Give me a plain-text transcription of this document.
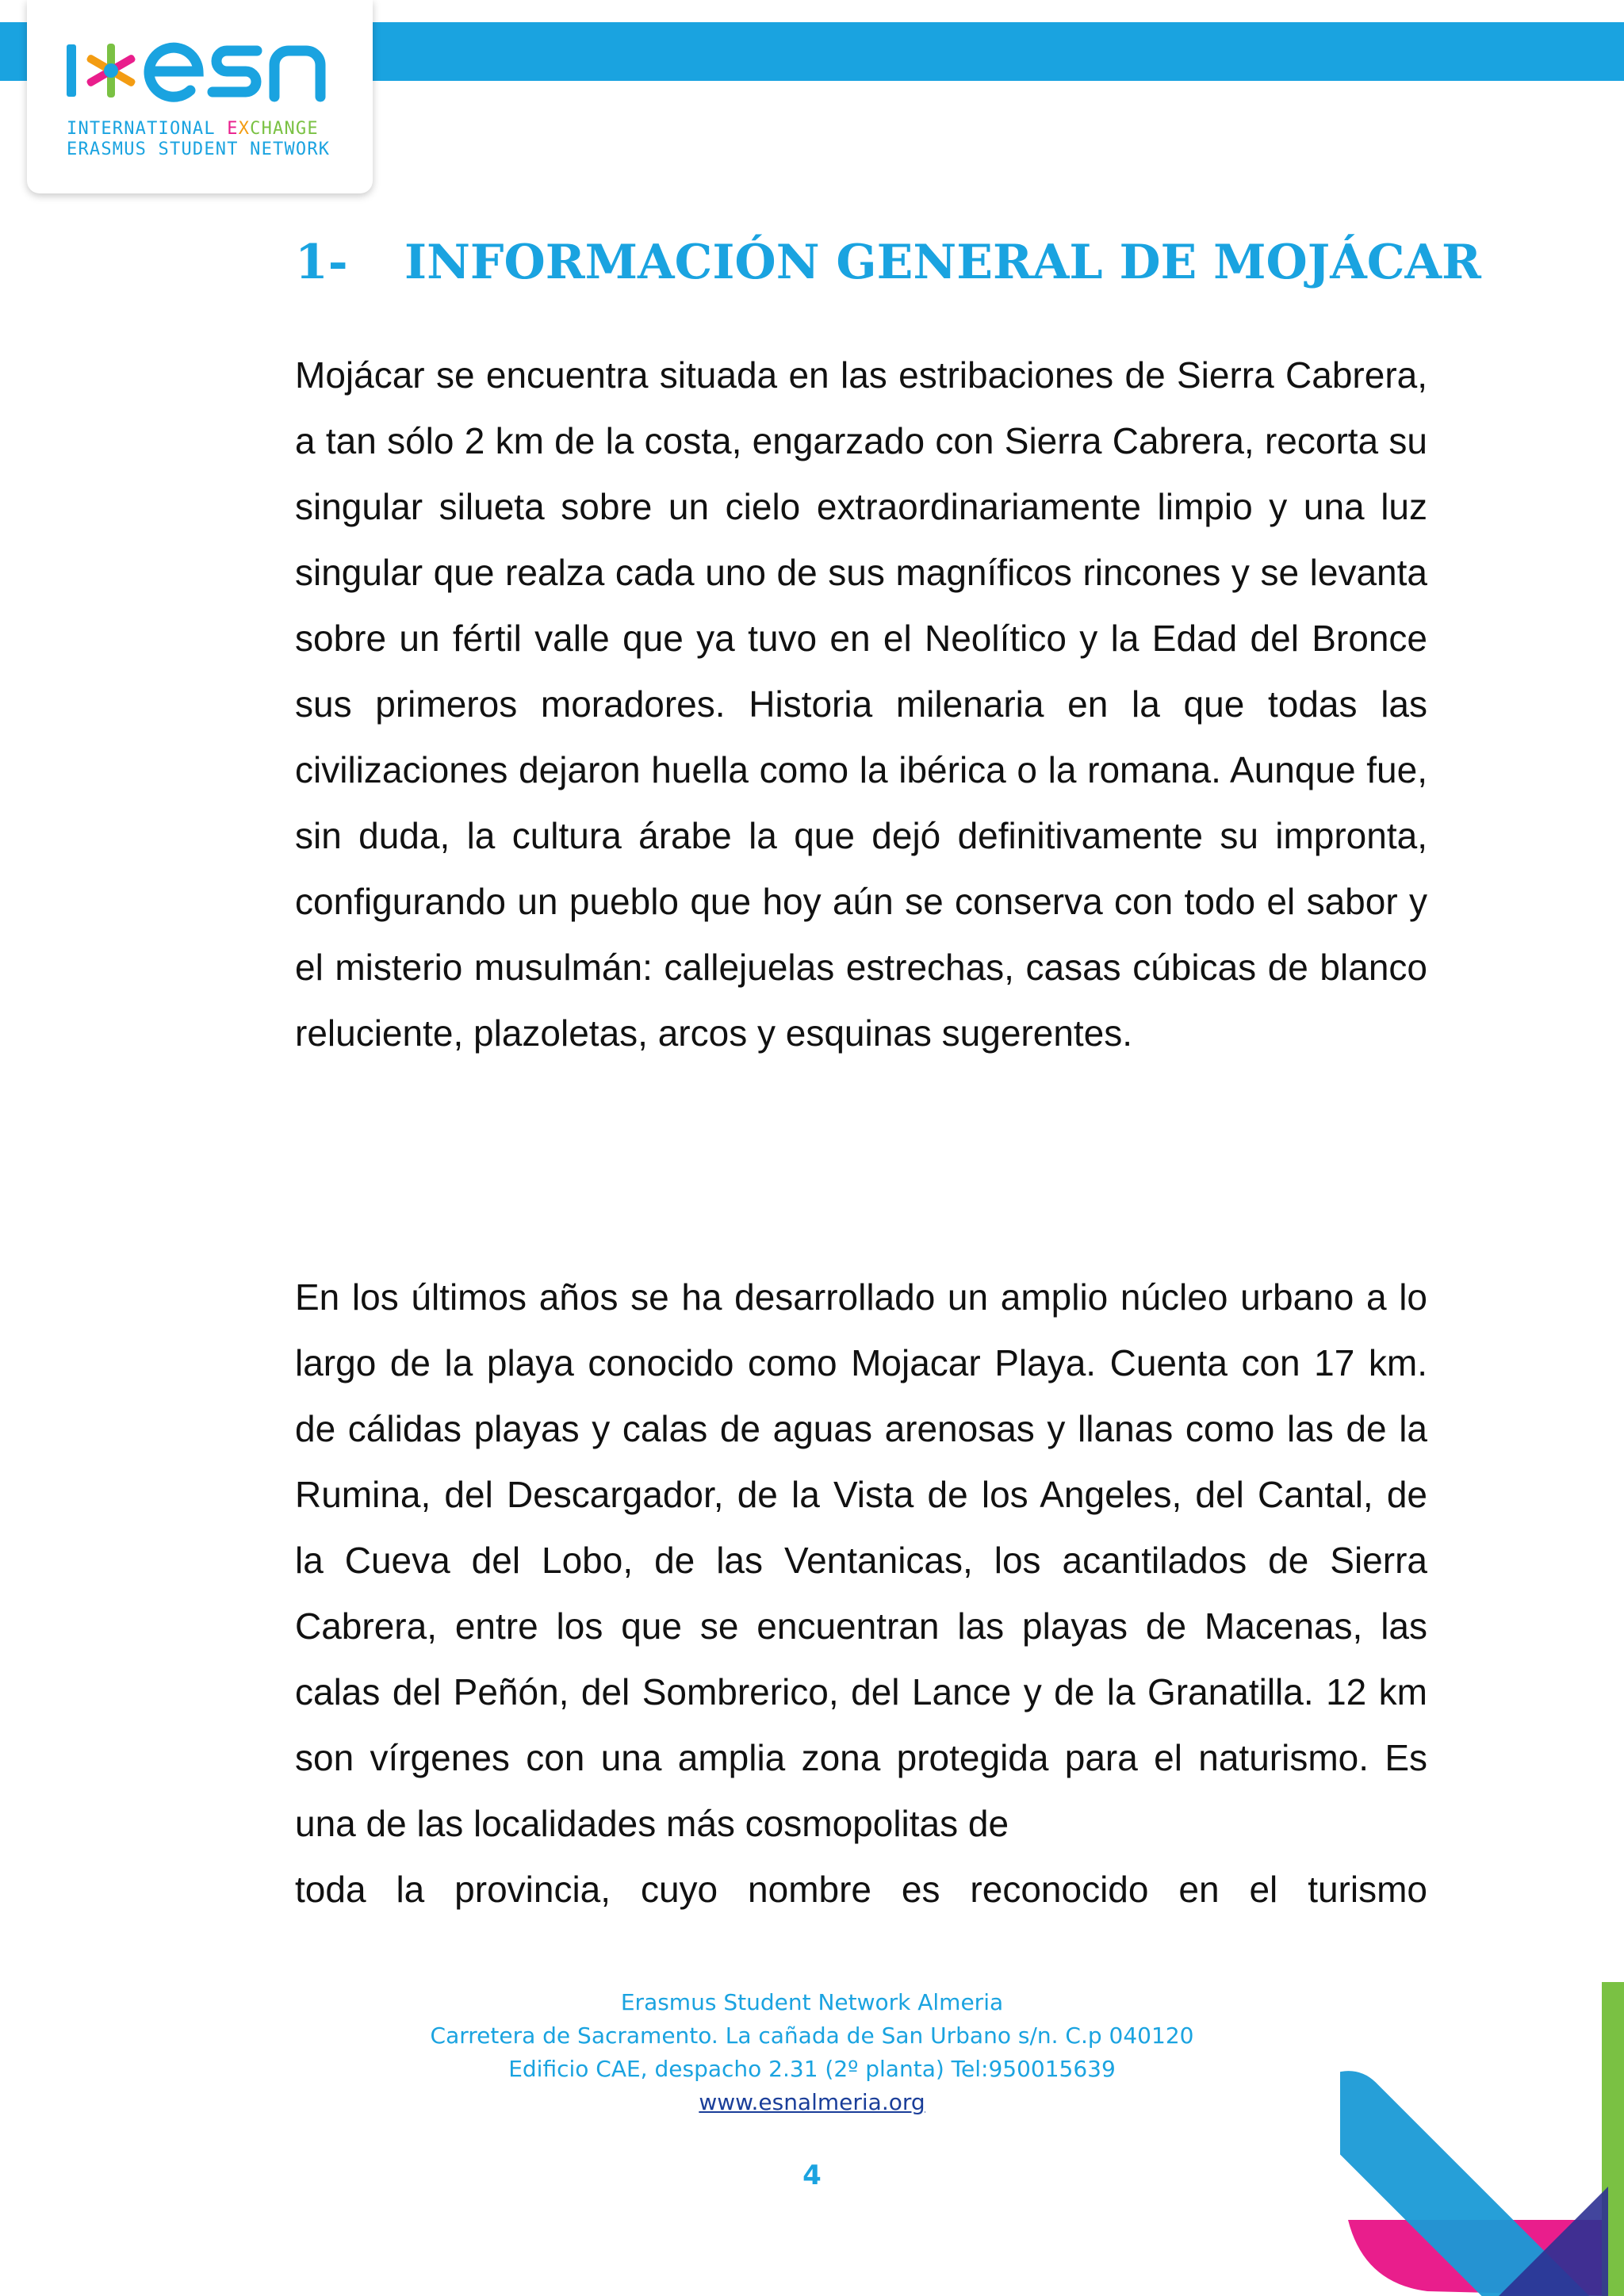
INTERNATIONAL EXCHANGE
ERASMUS STUDENT NETWORK
1- INFORMACIÓN GENERAL DE MOJÁCAR

Mojácar se encuentra situada en las estribaciones de Sierra Cabrera, a tan sólo 2 km de la costa, engarzado con Sierra Cabrera, recorta su singular silueta sobre un cielo extraordinariamente limpio y una luz singular que realza cada uno de sus magníficos rincones y se levanta sobre un fértil valle que ya tuvo en el Neolítico y la Edad del Bronce sus primeros moradores. Historia milenaria en la que todas las civilizaciones dejaron huella como la ibérica o la romana. Aunque fue, sin duda, la cultura árabe la que dejó definitivamente su impronta, configurando un pueblo que hoy aún se conserva con todo el sabor y el misterio musulmán: callejuelas estrechas, casas cúbicas de blanco reluciente, plazoletas, arcos y esquinas sugerentes.

En los últimos años se ha desarrollado un amplio núcleo urbano a lo largo de la playa conocido como Mojacar Playa. Cuenta con 17 km. de cálidas playas y calas de aguas arenosas y llanas como las de la Rumina, del Descargador, de la Vista de los Angeles, del Cantal, de la Cueva del Lobo, de las Ventanicas, los acantilados de Sierra Cabrera, entre los que se encuentran las playas de Macenas, las calas del Peñón, del Sombrerico, del Lance y de la Granatilla. 12 km son vírgenes con una amplia zona protegida para el naturismo. Es una de las localidades más cosmopolitas de
toda la provincia, cuyo nombre es reconocido en el turismo

Erasmus Student Network Almeria
Carretera de Sacramento. La cañada de San Urbano s/n. C.p 040120
Edificio CAE, despacho 2.31 (2º planta) Tel:950015639
www.esnalmeria.org
4
